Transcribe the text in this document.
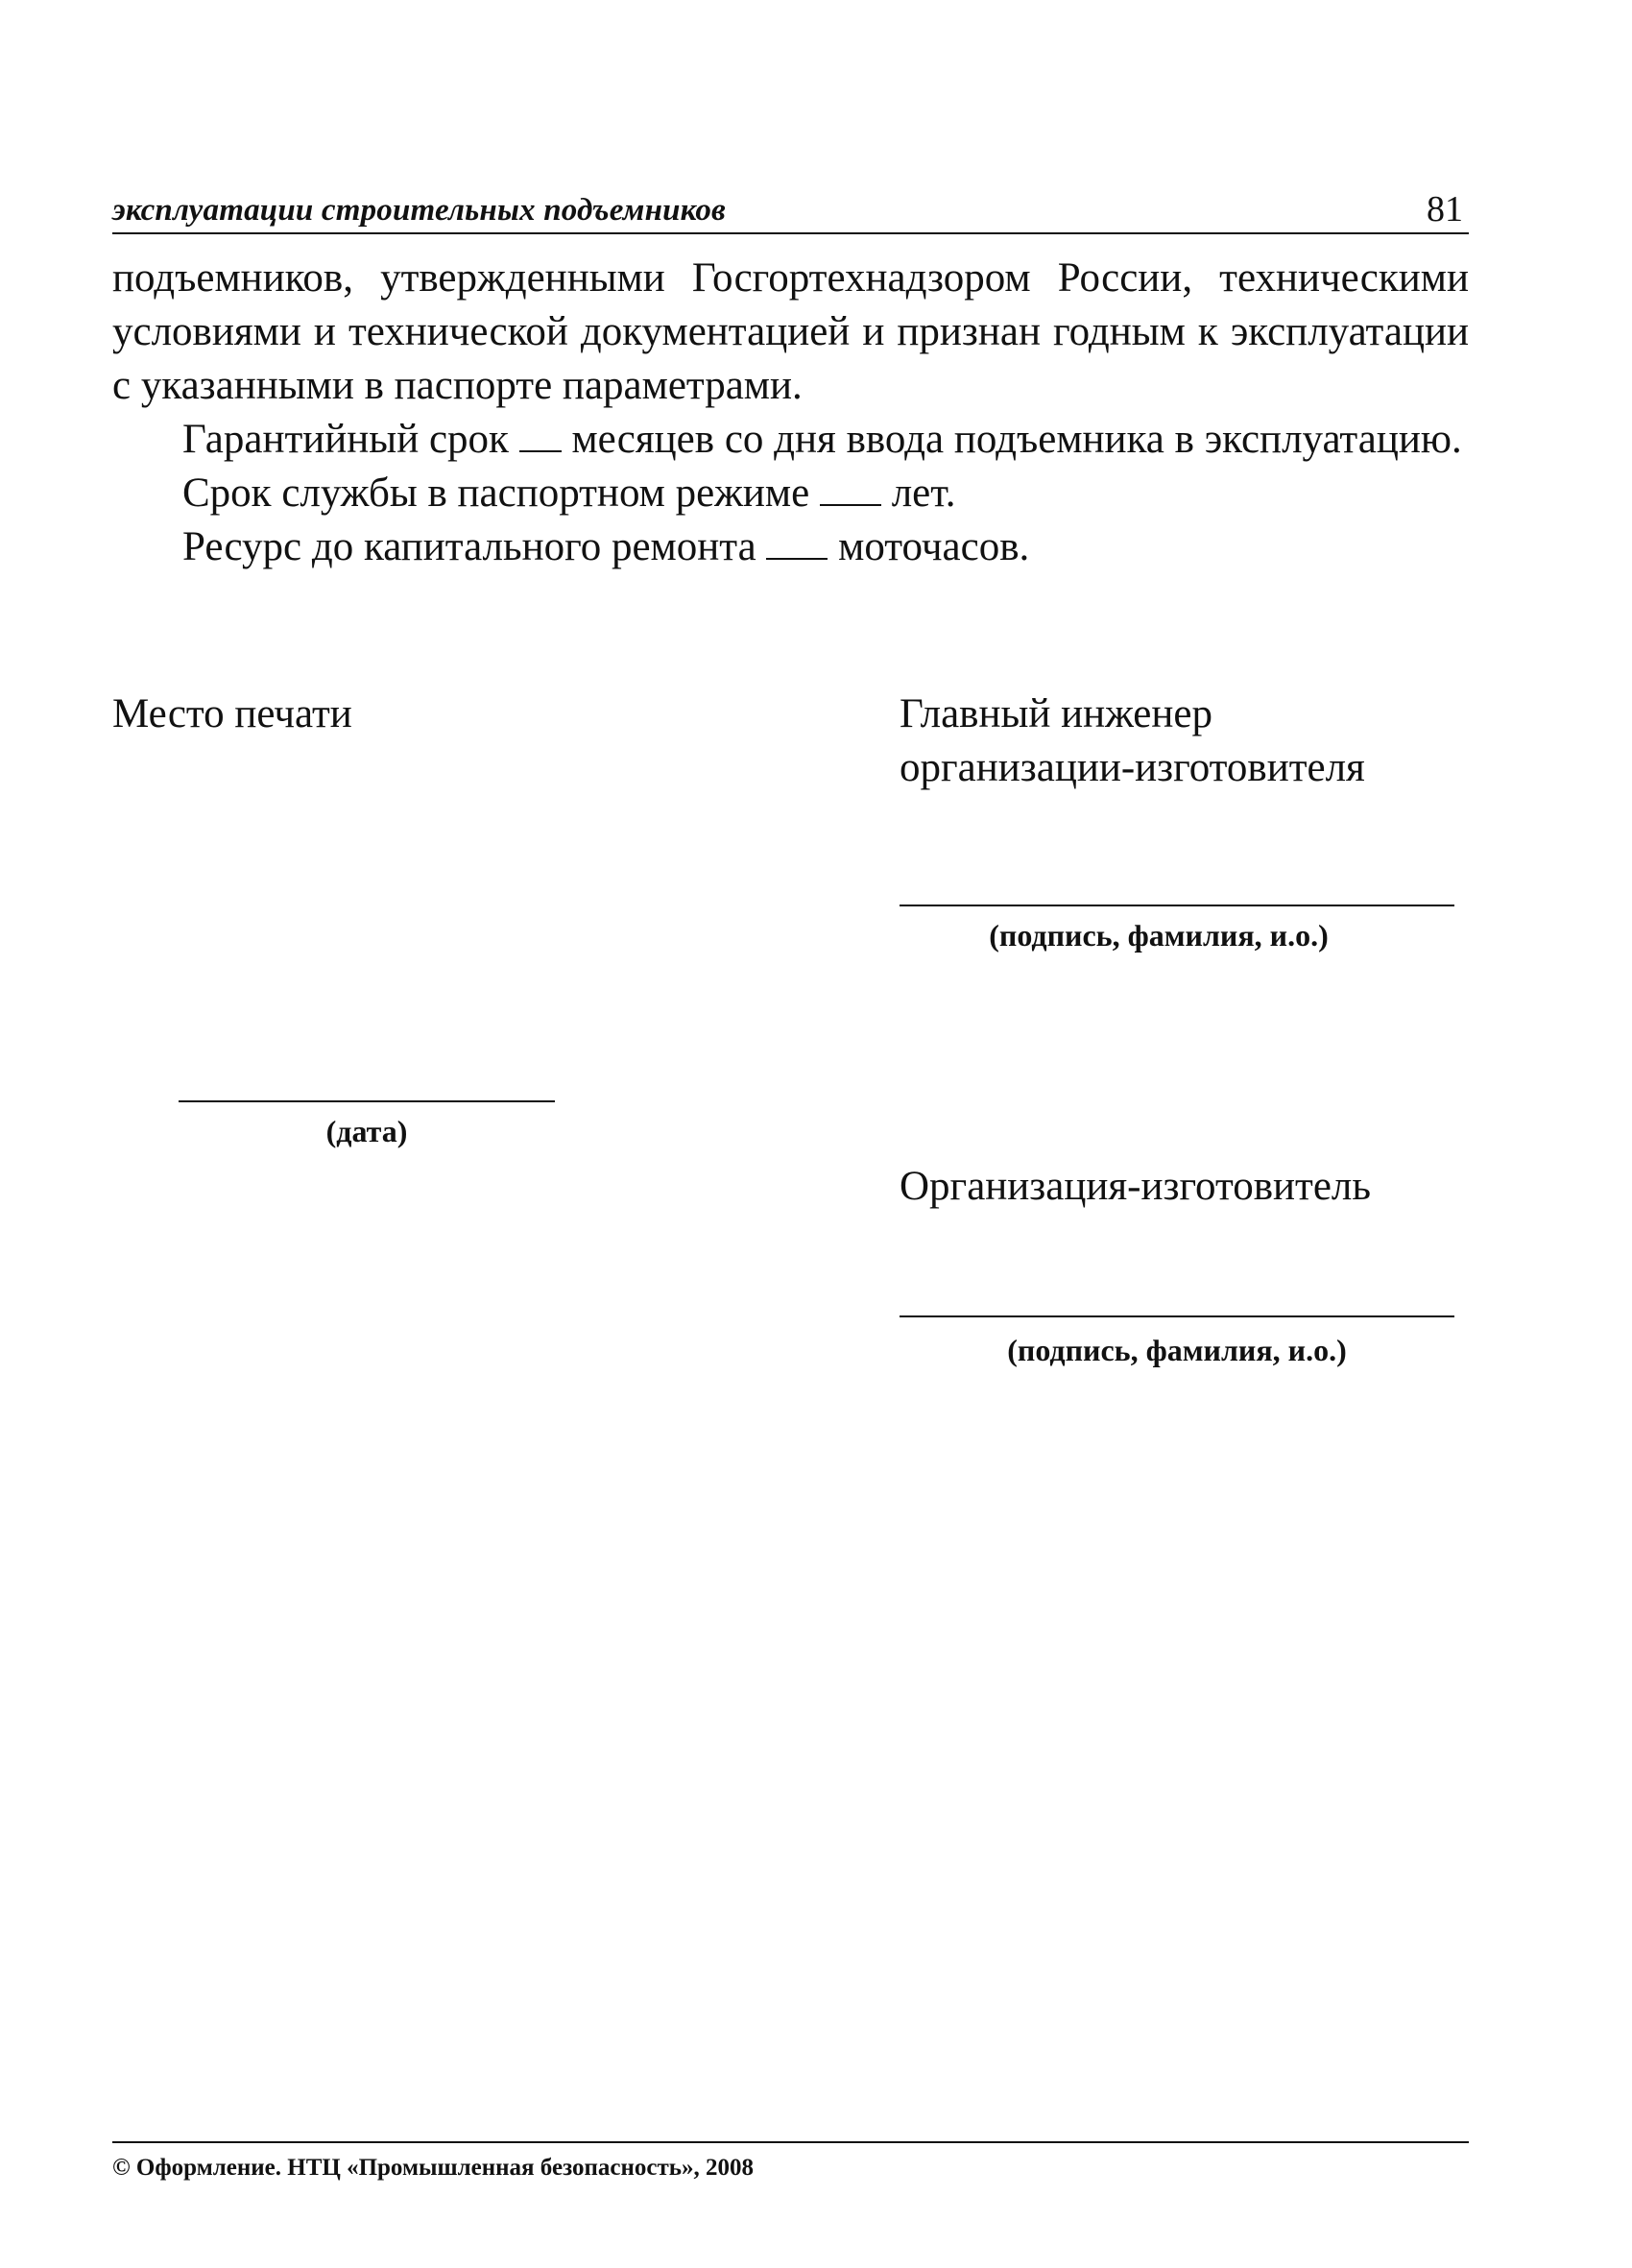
эксплуатации строительных подъемников	81

подъемников, утвержденными Госгортехнадзором России, техническими условиями и технической документацией и признан годным к эксплуатации с указанными в паспорте параметрами.

Гарантийный срок месяцев со дня ввода подъемника в эксплуатацию.

Срок службы в паспортном режиме лет.

Ресурс до капитального ремонта моточасов.

Место печати
(дата)
Главный инженер
организации-изготовителя
(подпись, фамилия, и.о.)
Организация-изготовитель
(подпись, фамилия, и.о.)
© Оформление. НТЦ «Промышленная безопасность», 2008
